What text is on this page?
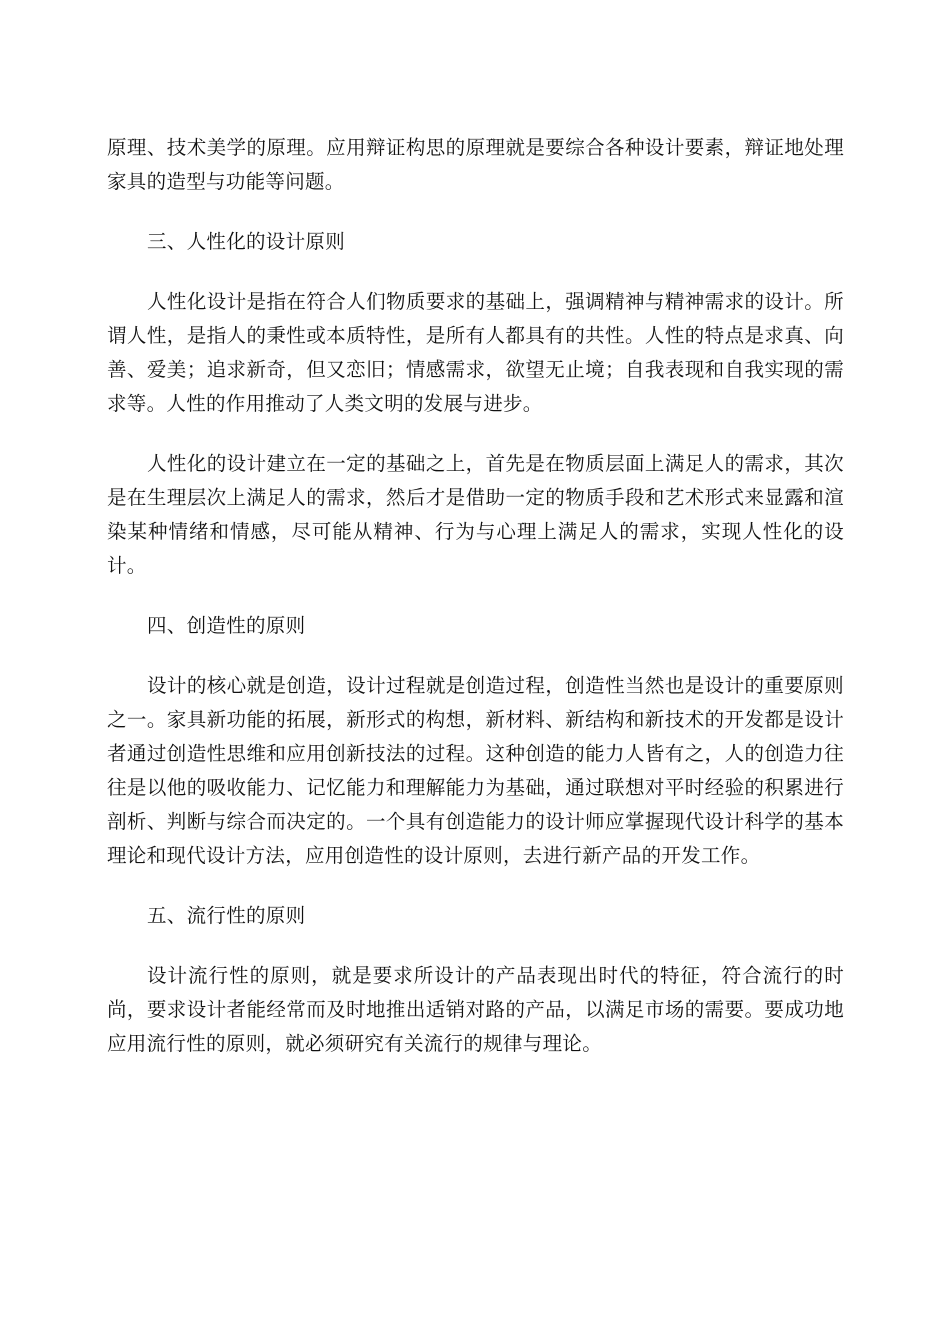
原理、技术美学的原理。应用辩证构思的原理就是要综合各种设计要素，辩证地处理家具的造型与功能等问题。

三、人性化的设计原则

人性化设计是指在符合人们物质要求的基础上，强调精神与精神需求的设计。所谓人性，是指人的秉性或本质特性，是所有人都具有的共性。人性的特点是求真、向善、爱美；追求新奇，但又恋旧；情感需求，欲望无止境；自我表现和自我实现的需求等。人性的作用推动了人类文明的发展与进步。

人性化的设计建立在一定的基础之上，首先是在物质层面上满足人的需求，其次是在生理层次上满足人的需求，然后才是借助一定的物质手段和艺术形式来显露和渲染某种情绪和情感，尽可能从精神、行为与心理上满足人的需求，实现人性化的设计。

四、创造性的原则

设计的核心就是创造，设计过程就是创造过程，创造性当然也是设计的重要原则之一。家具新功能的拓展，新形式的构想，新材料、新结构和新技术的开发都是设计者通过创造性思维和应用创新技法的过程。这种创造的能力人皆有之，人的创造力往往是以他的吸收能力、记忆能力和理解能力为基础，通过联想对平时经验的积累进行剖析、判断与综合而决定的。一个具有创造能力的设计师应掌握现代设计科学的基本理论和现代设计方法，应用创造性的设计原则，去进行新产品的开发工作。

五、流行性的原则

设计流行性的原则，就是要求所设计的产品表现出时代的特征，符合流行的时尚，要求设计者能经常而及时地推出适销对路的产品，以满足市场的需要。要成功地应用流行性的原则，就必须研究有关流行的规律与理论。
